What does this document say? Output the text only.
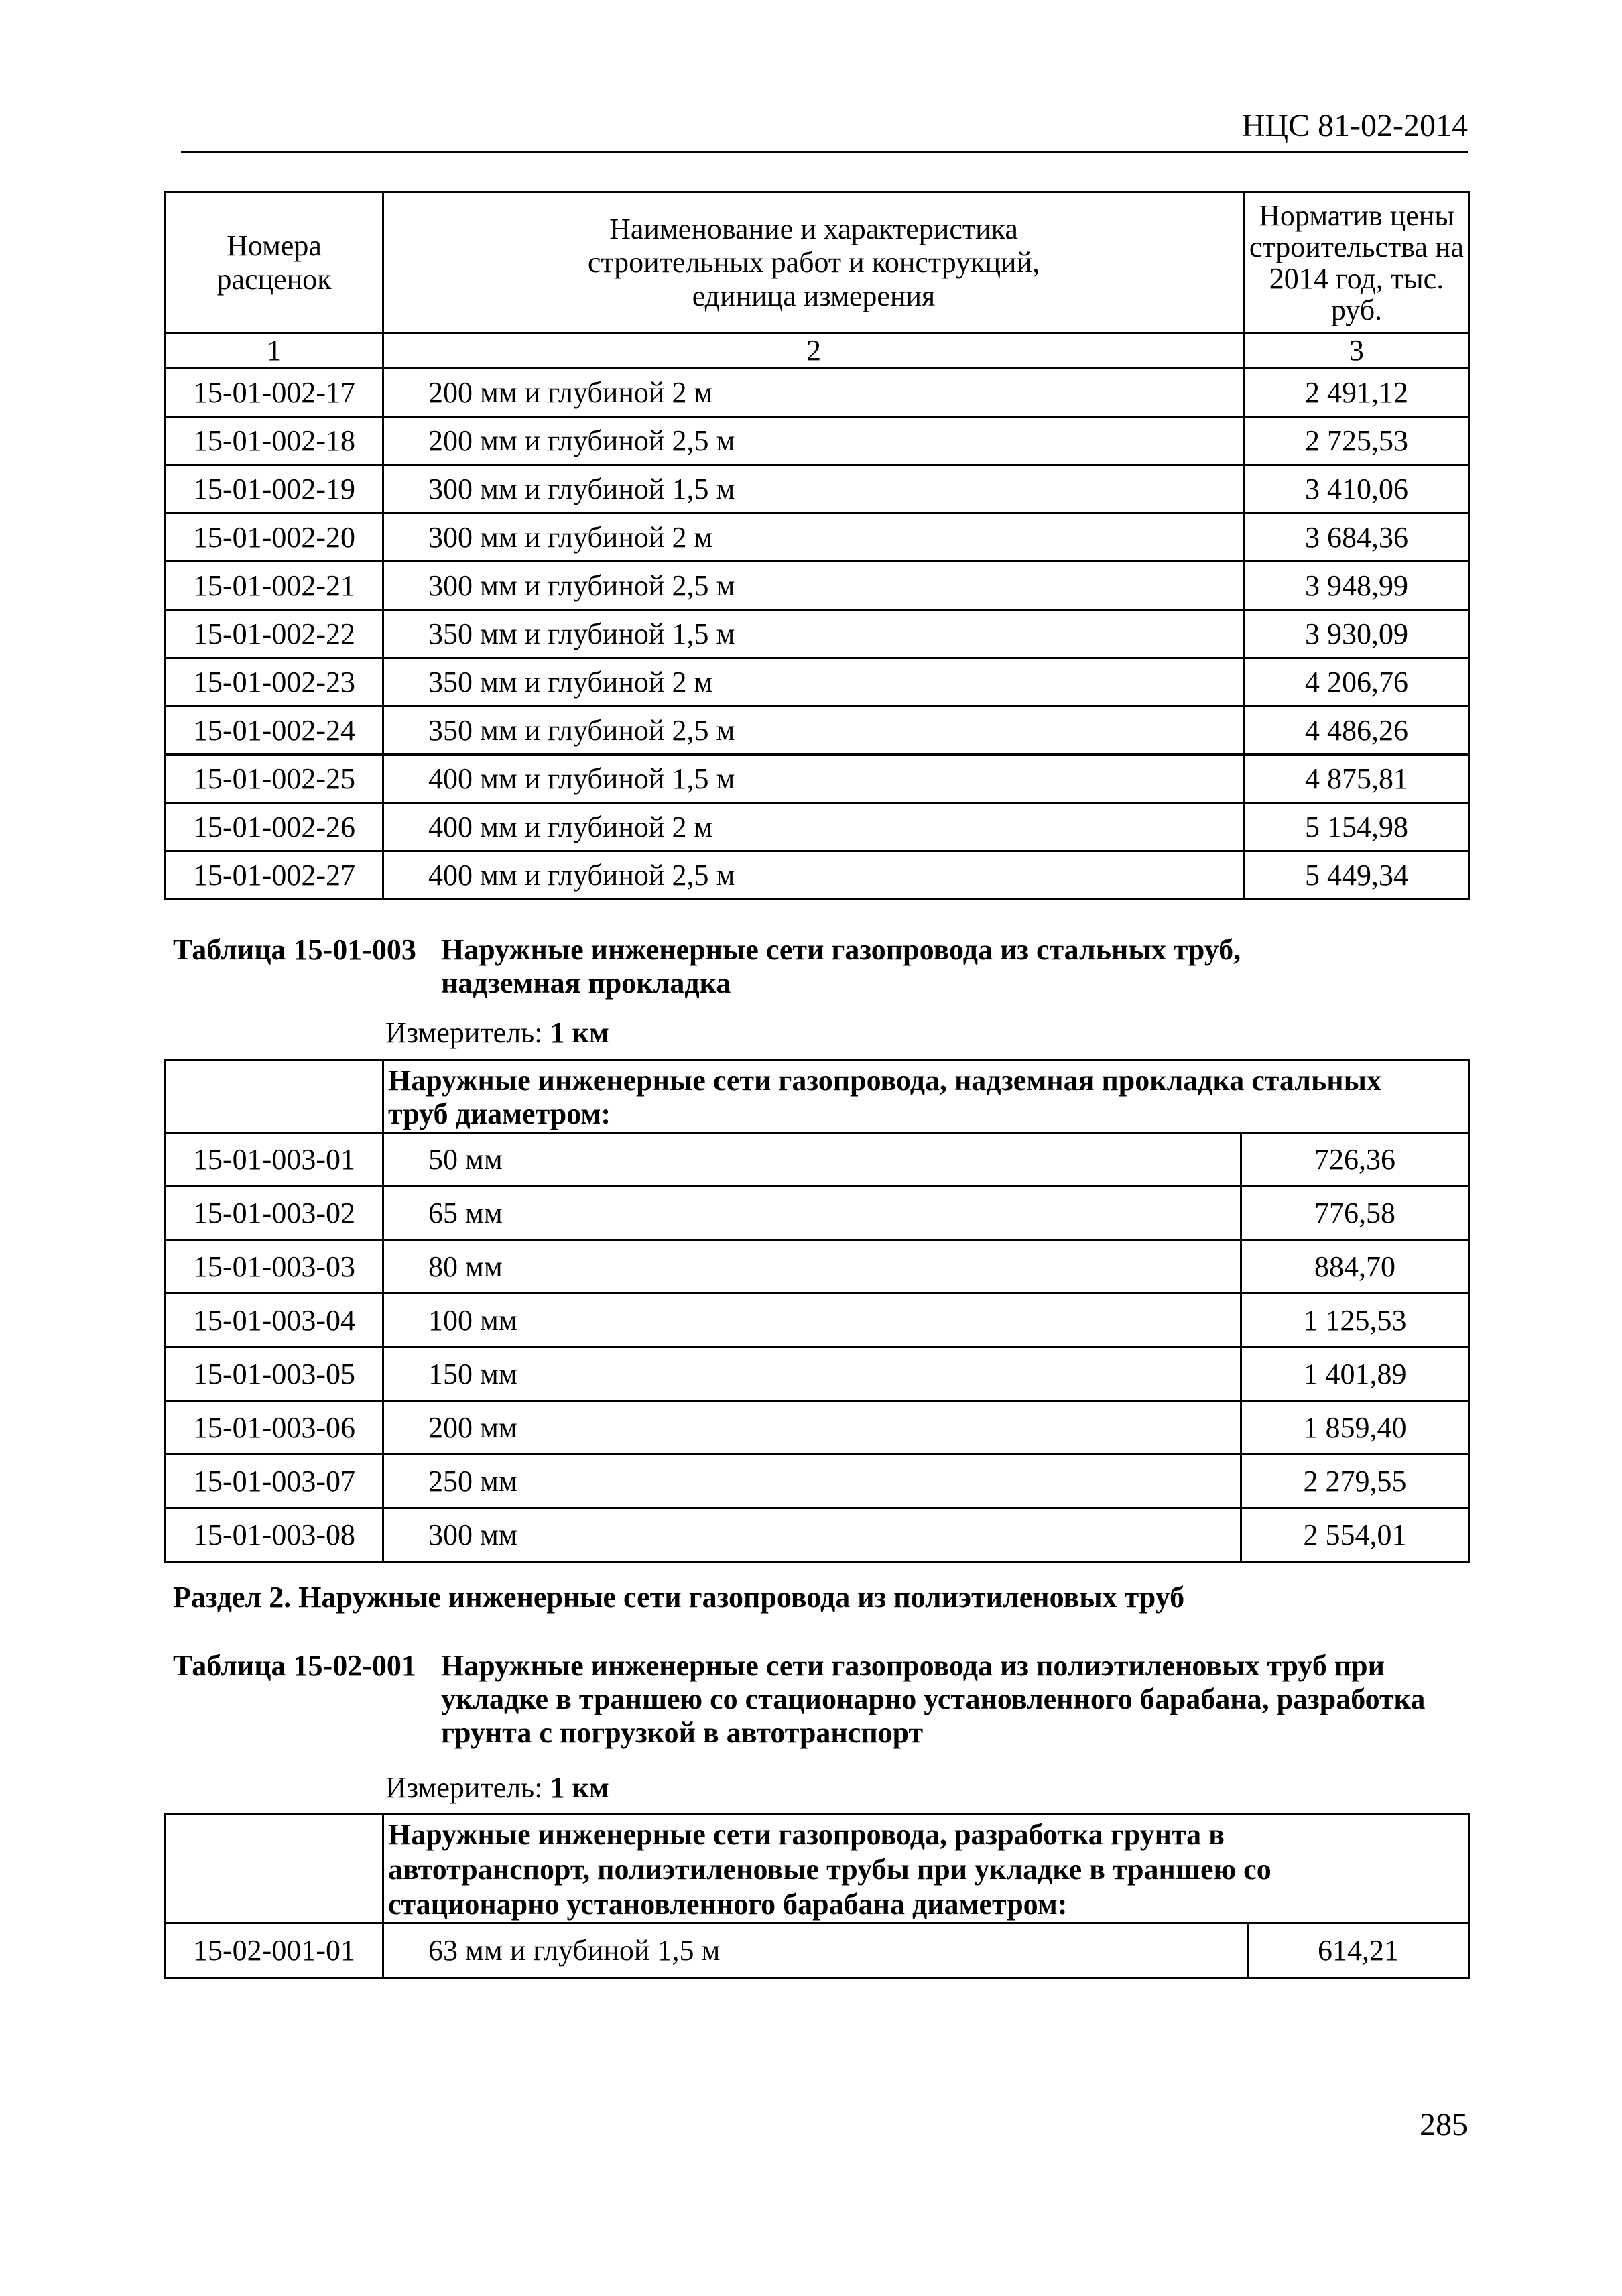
НЦС 81-02-2014
Номера расценок	Наименование и характеристика строительных работ и конструкций, единица измерения	Норматив цены строительства на 2014 год, тыс. руб.
1	2	3
15-01-002-17	200 мм и глубиной 2 м	2 491,12
15-01-002-18	200 мм и глубиной 2,5 м	2 725,53
15-01-002-19	300 мм и глубиной 1,5 м	3 410,06
15-01-002-20	300 мм и глубиной 2 м	3 684,36
15-01-002-21	300 мм и глубиной 2,5 м	3 948,99
15-01-002-22	350 мм и глубиной 1,5 м	3 930,09
15-01-002-23	350 мм и глубиной 2 м	4 206,76
15-01-002-24	350 мм и глубиной 2,5 м	4 486,26
15-01-002-25	400 мм и глубиной 1,5 м	4 875,81
15-01-002-26	400 мм и глубиной 2 м	5 154,98
15-01-002-27	400 мм и глубиной 2,5 м	5 449,34
Таблица 15-01-003 Наружные инженерные сети газопровода из стальных труб, надземная прокладка
Измеритель: 1 км
	Наружные инженерные сети газопровода, надземная прокладка стальных труб диаметром:	
15-01-003-01	50 мм	726,36
15-01-003-02	65 мм	776,58
15-01-003-03	80 мм	884,70
15-01-003-04	100 мм	1 125,53
15-01-003-05	150 мм	1 401,89
15-01-003-06	200 мм	1 859,40
15-01-003-07	250 мм	2 279,55
15-01-003-08	300 мм	2 554,01
Раздел 2. Наружные инженерные сети газопровода из полиэтиленовых труб
Таблица 15-02-001 Наружные инженерные сети газопровода из полиэтиленовых труб при укладке в траншею со стационарно установленного барабана, разработка грунта с погрузкой в автотранспорт
Измеритель: 1 км
	Наружные инженерные сети газопровода, разработка грунта в автотранспорт, полиэтиленовые трубы при укладке в траншею со стационарно установленного барабана диаметром:	
15-02-001-01	63 мм и глубиной 1,5 м	614,21
285
